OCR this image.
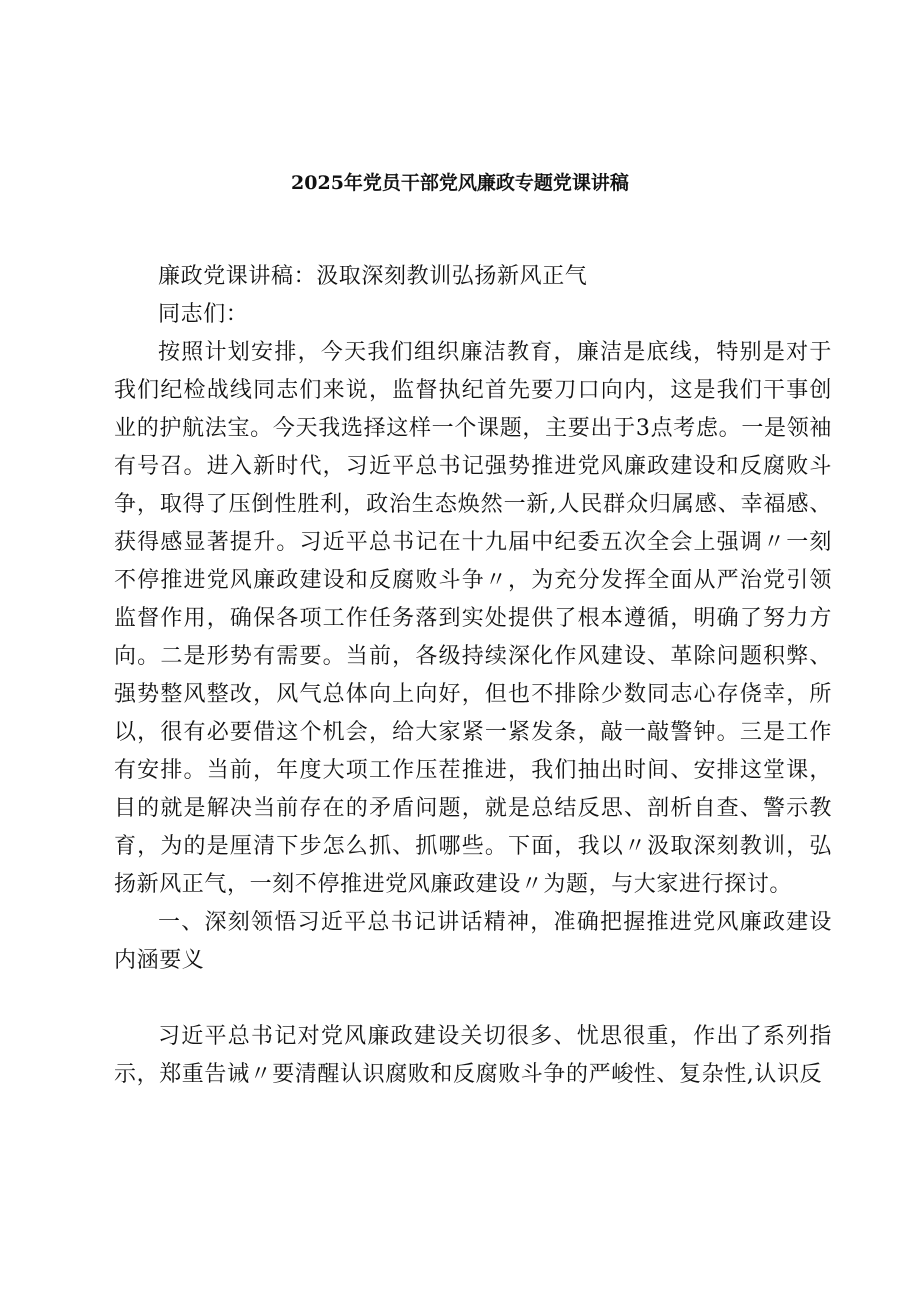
2025年党员干部党风廉政专题党课讲稿

廉政党课讲稿：汲取深刻教训弘扬新风正气

同志们：

按照计划安排，今天我们组织廉洁教育，廉洁是底线，特别是对于我们纪检战线同志们来说，监督执纪首先要刀口向内，这是我们干事创业的护航法宝。今天我选择这样一个课题，主要出于3点考虑。一是领袖有号召。进入新时代，习近平总书记强势推进党风廉政建设和反腐败斗争，取得了压倒性胜利，政治生态焕然一新,人民群众归属感、幸福感、获得感显著提升。习近平总书记在十九届中纪委五次全会上强调〃一刻不停推进党风廉政建设和反腐败斗争〃，为充分发挥全面从严治党引领监督作用，确保各项工作任务落到实处提供了根本遵循，明确了努力方向。二是形势有需要。当前，各级持续深化作风建设、革除问题积弊、强势整风整改，风气总体向上向好，但也不排除少数同志心存侥幸，所以，很有必要借这个机会，给大家紧一紧发条，敲一敲警钟。三是工作有安排。当前，年度大项工作压茬推进，我们抽出时间、安排这堂课，目的就是解决当前存在的矛盾问题，就是总结反思、剖析自查、警示教育，为的是厘清下步怎么抓、抓哪些。下面，我以〃汲取深刻教训，弘扬新风正气，一刻不停推进党风廉政建设〃为题，与大家进行探讨。

一、深刻领悟习近平总书记讲话精神，准确把握推进党风廉政建设内涵要义

习近平总书记对党风廉政建设关切很多、忧思很重，作出了系列指示，郑重告诫〃要清醒认识腐败和反腐败斗争的严峻性、复杂性,认识反
